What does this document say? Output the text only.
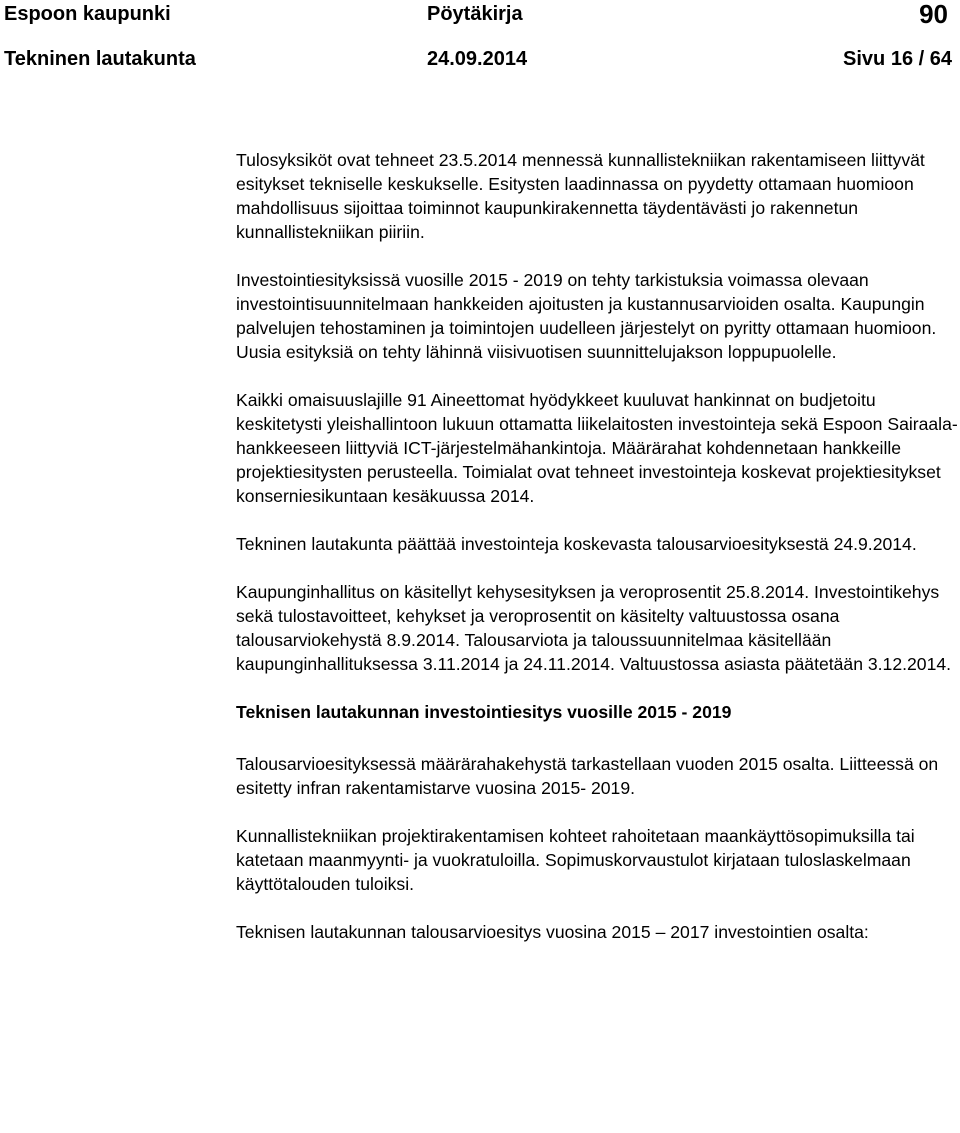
Espoon kaupunki	Pöytäkirja	90
Tekninen lautakunta	24.09.2014	Sivu 16 / 64

Tulosyksiköt ovat tehneet 23.5.2014 mennessä kunnallistekniikan rakentamiseen liittyvät esitykset tekniselle keskukselle. Esitysten laadinnassa on pyydetty ottamaan huomioon mahdollisuus sijoittaa toiminnot kaupunkirakennetta täydentävästi jo rakennetun kunnallistekniikan piiriin.

Investointiesityksissä vuosille 2015 - 2019 on tehty tarkistuksia voimassa olevaan investointisuunnitelmaan hankkeiden ajoitusten ja kustannusarvioiden osalta. Kaupungin palvelujen tehostaminen ja toimintojen uudelleen järjestelyt on pyritty ottamaan huomioon. Uusia esityksiä on tehty lähinnä viisivuotisen suunnittelujakson loppupuolelle.

Kaikki omaisuuslajille 91 Aineettomat hyödykkeet kuuluvat hankinnat on budjetoitu keskitetysti yleishallintoon lukuun ottamatta liikelaitosten investointeja sekä Espoon Sairaala-hankkeeseen liittyviä ICT-järjestelmähankintoja. Määrärahat kohdennetaan hankkeille projektiesitysten perusteella. Toimialat ovat tehneet investointeja koskevat projektiesitykset konserniesikuntaan kesäkuussa 2014.

Tekninen lautakunta päättää investointeja koskevasta talousarvioesityksestä 24.9.2014.

Kaupunginhallitus on käsitellyt kehysesityksen ja veroprosentit 25.8.2014. Investointikehys sekä tulostavoitteet, kehykset ja veroprosentit on käsitelty valtuustossa osana talousarviokehystä 8.9.2014. Talousarviota ja taloussuunnitelmaa käsitellään kaupunginhallituksessa 3.11.2014 ja 24.11.2014. Valtuustossa asiasta päätetään 3.12.2014.

Teknisen lautakunnan investointiesitys vuosille 2015 - 2019

Talousarvioesityksessä määrärahakehystä tarkastellaan vuoden 2015 osalta. Liitteessä on esitetty infran rakentamistarve vuosina 2015- 2019.

Kunnallistekniikan projektirakentamisen kohteet rahoitetaan maankäyttösopimuksilla tai katetaan maanmyynti- ja vuokratuloilla. Sopimuskorvaustulot kirjataan tuloslaskelmaan käyttötalouden tuloiksi.

Teknisen lautakunnan talousarvioesitys vuosina 2015 – 2017 investointien osalta:
